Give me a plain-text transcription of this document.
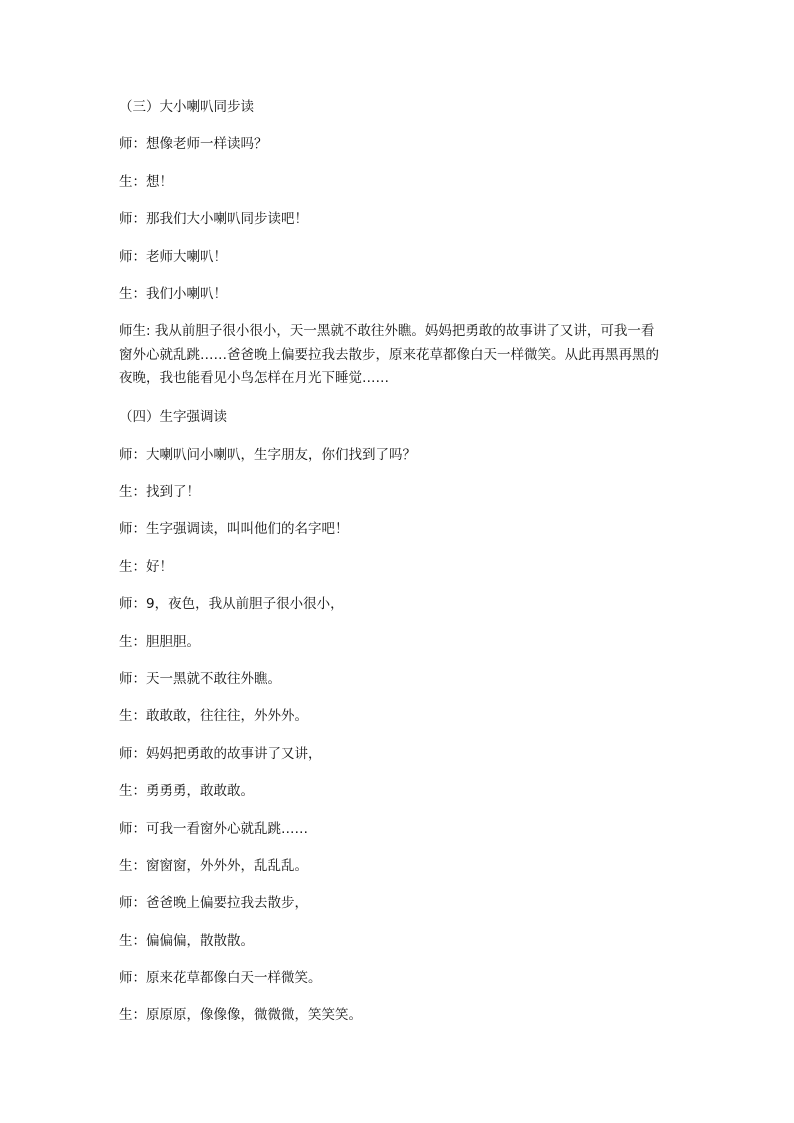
（三）大小喇叭同步读
师：想像老师一样读吗？
生：想！
师：那我们大小喇叭同步读吧！
师：老师大喇叭！
生：我们小喇叭！
师生: 我从前胆子很小很小，天一黑就不敢往外瞧。妈妈把勇敢的故事讲了又讲，可我一看
窗外心就乱跳……爸爸晚上偏要拉我去散步，原来花草都像白天一样微笑。从此再黑再黑的
夜晚，我也能看见小鸟怎样在月光下睡觉……
（四）生字强调读
师：大喇叭问小喇叭，生字朋友，你们找到了吗？
生：找到了！
师：生字强调读，叫叫他们的名字吧！
生：好！
师：9，夜色，我从前胆子很小很小，
生：胆胆胆。
师：天一黑就不敢往外瞧。
生：敢敢敢，往往往，外外外。
师：妈妈把勇敢的故事讲了又讲，
生：勇勇勇，敢敢敢。
师：可我一看窗外心就乱跳……
生：窗窗窗，外外外，乱乱乱。
师：爸爸晚上偏要拉我去散步，
生：偏偏偏，散散散。
师：原来花草都像白天一样微笑。
生：原原原，像像像，微微微，笑笑笑。
